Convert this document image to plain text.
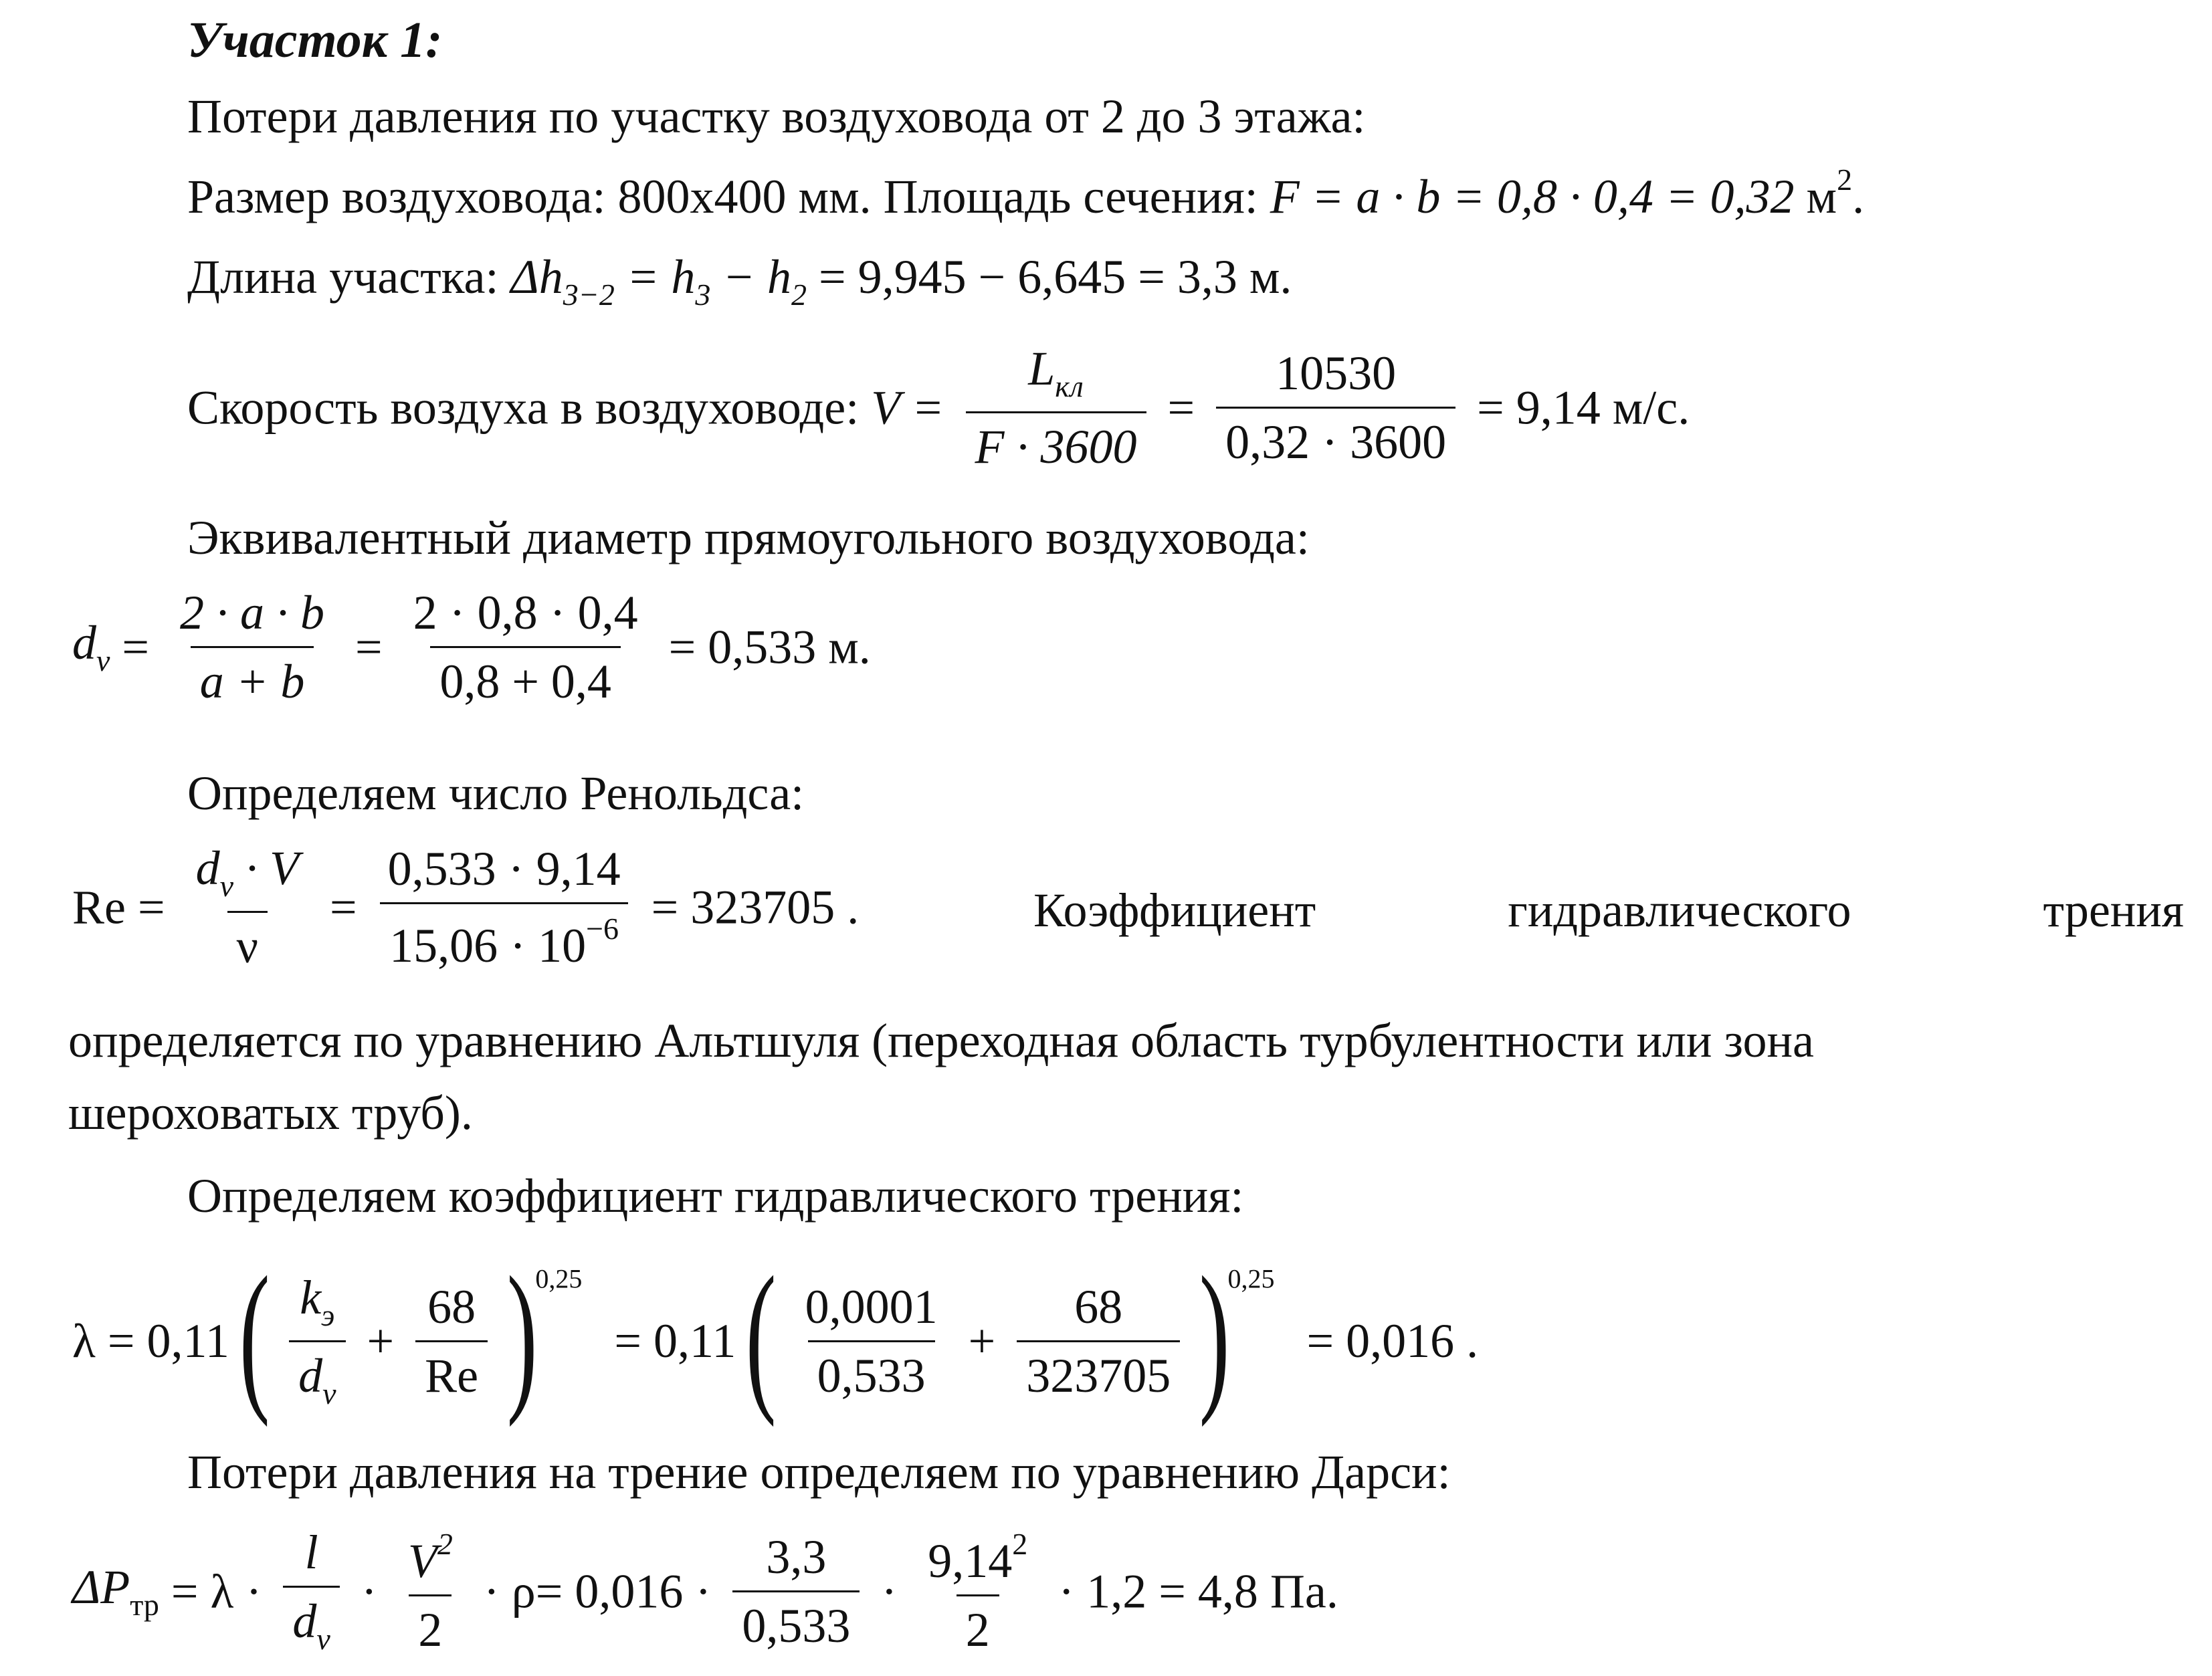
Участок 1:
Потери давления по участку воздуховода от 2 до 3 этажа:
Размер воздуховода: 800х400 мм. Площадь сечения: F = a · b = 0,8 · 0,4 = 0,32 $м^2$.
Длина участка: $\Delta h_{3-2} = h_3 - h_2 = 9,945 - 6,645 = 3,3$ м.
Скорость воздуха в воздуховоде: $V = \frac{L_{кл}}{F \cdot 3600} = \frac{10530}{0,32 \cdot 3600} = 9,14$ м/с.
Эквивалентный диаметр прямоугольного воздуховода:
$d_v = \frac{2 \cdot a \cdot b}{a + b} = \frac{2 \cdot 0,8 \cdot 0,4}{0,8 + 0,4} = 0,533$ м.
Определяем число Ренольдса:
$Re = \frac{d_v \cdot V}{\nu} = \frac{0,533 \cdot 9,14}{15,06 \cdot 10^{-6}} = 323705$ .	Коэффициент	гидравлического	трения
определяется по уравнению Альтшуля (переходная область турбулентности или зона
шероховатых труб).
Определяем коэффициент гидравлического трения:
λ = 0,11 ( $\frac{k_э}{d_v} + \frac{68}{Re} )^{0,25} = 0,11$ ( $\frac{0,0001}{0,533} + \frac{68}{323705} )^{0,25} = 0,016$ .
Потери давления на трение определяем по уравнению Дарси:
$\Delta P_{тр} = \lambda \cdot \frac{l}{d_v} \cdot \frac{V^2}{2} \cdot \rho= 0,016 \cdot \frac{3,3}{0,533} \cdot \frac{9,14^2}{2} \cdot 1,2 = 4,8$ Па.
